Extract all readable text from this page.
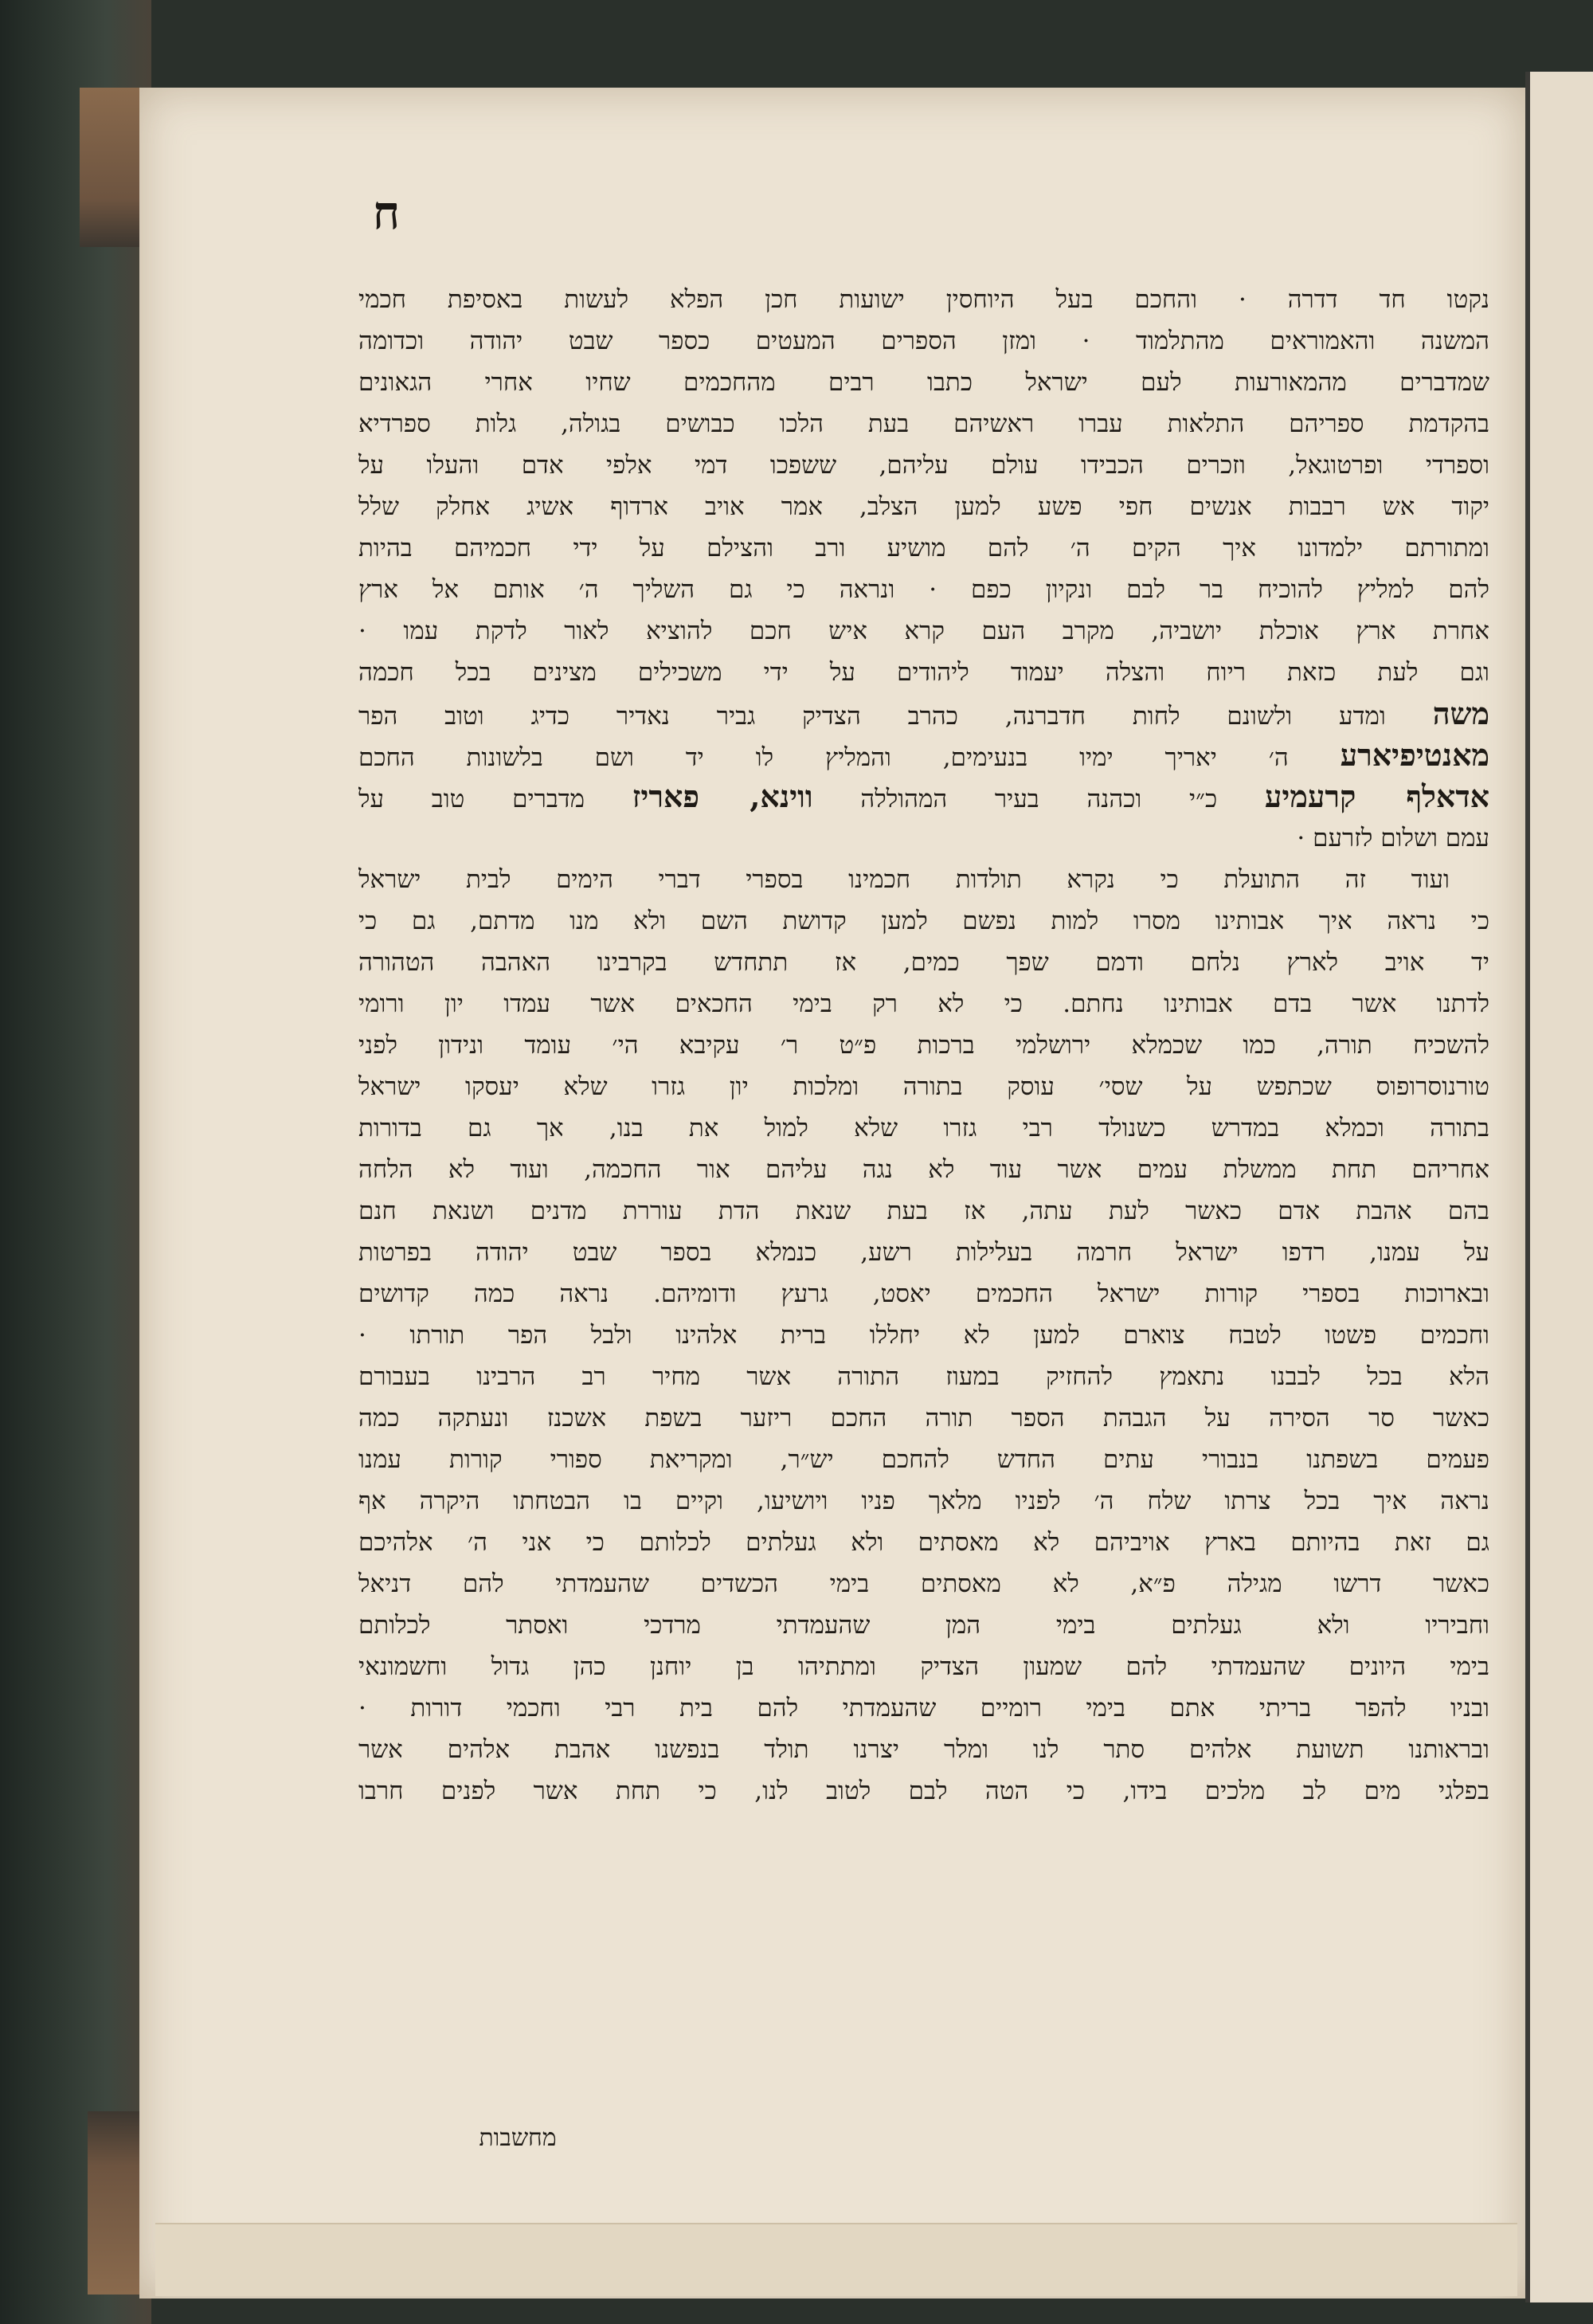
ח
נקטו חד דדרה · והחכם בעל היוחסין ישועות חכן הפלא לעשות באסיפת חכמי
המשנה והאמוראים מהתלמוד · ומזן הספרים המעטים כספר שבט יהודה וכדומה
שמדברים מהמאורעות לעם ישראל כתבו רבים מהחכמים שחיו אחרי הגאונים
בהקדמת ספריהם התלאות עברו ראשיהם בעת הלכו כבושים בגולה, גלות ספרדיא
וספרדי ופרטוגאל, וזכרים הכבידו עולם עליהם, ששפכו דמי אלפי אדם והעלו על
יקוד אש רבבות אנשים חפי פשע למען הצלב, אמר אויב ארדוף אשיג אחלק שלל
ומתורתם ילמדונו איך הקים ה׳ להם מושיע ורב והצילם על ידי חכמיהם בהיות
להם למליץ להוכיח בר לבם ונקיון כפם · ונראה כי גם השליך ה׳ אותם אל ארץ
אחרת ארץ אוכלת יושביה, מקרב העם קרא איש חכם להוציא לאור לדקת עמו ·
וגם לעת כזאת ריוח והצלה יעמוד ליהודים על ידי משכילים מצינים בכל חכמה
משה ומדע ולשונם לחות חדברנה, כהרב הצדיק גביר נאדיר כדיג וטוב הפר
מאנטיפיארע ה׳ יאריך ימיו בנעימים, והמליץ לו יד ושם בלשונות החכם
אדאלף קרעמיע כ״י וכהנה בעיר המהוללה ווינא, פאריז מדברים טוב על
עמם ושלום לזרעם ·
ועוד זה התועלת כי נקרא תולדות חכמינו בספרי דברי הימים לבית ישראל
כי נראה איך אבותינו מסרו למות נפשם למען קדושת השם ולא מנו מדתם, גם כי
יד אויב לארץ נלחם ודמם שפך כמים, אז תתחדש בקרבינו האהבה הטהורה
לדתנו אשר בדם אבותינו נחתם. כי לא רק בימי החכאים אשר עמדו יון ורומי
להשכיח תורה, כמו שכמלא ירושלמי ברכות פ״ט ר׳ עקיבא הי׳ עומד ונידון לפני
טורנוסרופוס שכתפש על שסי׳ עוסק בתורה ומלכות יון גזרו שלא יעסקו ישראל
בתורה וכמלא במדרש כשנולד רבי גזרו שלא למול את בנו, אך גם בדורות
אחריהם תחת ממשלת עמים אשר עוד לא נגה עליהם אור החכמה, ועוד לא הלחה
בהם אהבת אדם כאשר לעת עתה, אז בעת שנאת הדת עוררת מדנים ושנאת חנם
על עמנו, רדפו ישראל חרמה בעלילות רשע, כנמלא בספר שבט יהודה בפרטות
ובארוכות בספרי קורות ישראל החכמים יאסט, גרעץ ודומיהם. נראה כמה קדושים
וחכמים פשטו לטבח צוארם למען לא יחללו ברית אלהינו ולבל הפר תורתו ·
הלא בכל לבבנו נתאמץ להחזיק במעוז התורה אשר מחיר רב הרבינו בעבורם
כאשר סר הסירה על הגבהת הספר תורה החכם ריזער בשפת אשכנז ונעתקה כמה
פעמים בשפתנו בנבורי עתים החדש להחכם יש״ר, ומקריאת ספורי קורות עמנו
נראה איך בכל צרתו שלח ה׳ לפניו מלאך פניו ויושיעו, וקיים בו הבטחתו היקרה אף
גם זאת בהיותם בארץ אויביהם לא מאסתים ולא געלתים לכלותם כי אני ה׳ אלהיכם
כאשר דרשו מגילה פ״א, לא מאסתים בימי הכשדים שהעמדתי להם דניאל
וחביריו ולא געלתים בימי המן שהעמדתי מרדכי ואסתר לכלותם
בימי היונים שהעמדתי להם שמעון הצדיק ומתתיהו בן יוחנן כהן גדול וחשמונאי
ובניו להפר בריתי אתם בימי רומיים שהעמדתי להם בית רבי וחכמי דורות ·
ובראותנו תשועת אלהים סתר לנו ומלר יצרנו תולד בנפשנו אהבת אלהים אשר
בפלגי מים לב מלכים בידו, כי הטה לבם לטוב לנו, כי תחת אשר לפנים חרבו
מחשבות
